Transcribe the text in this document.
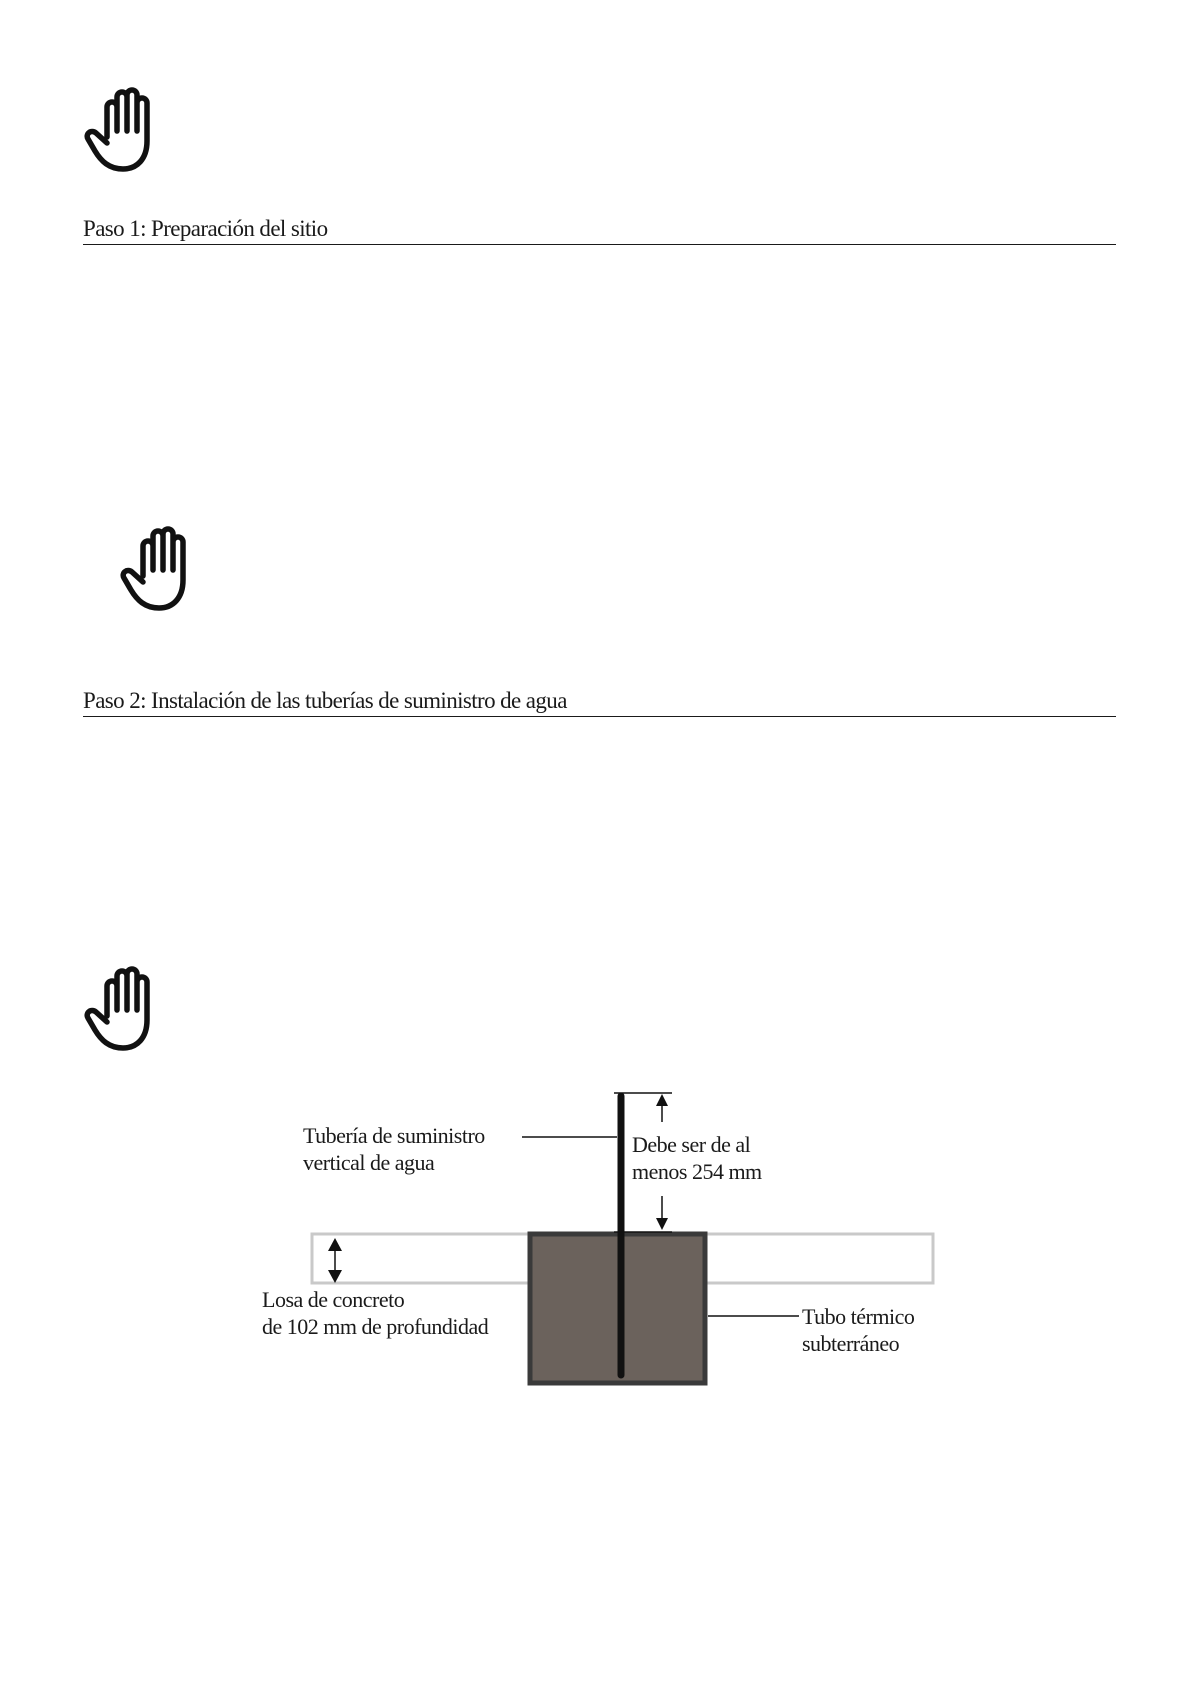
Paso 1: Preparación del sitio
Paso 2: Instalación de las tuberías de suministro de agua
Tubería de suministro
vertical de agua
Debe ser de al
menos 254 mm
Losa de concreto
de 102 mm de profundidad	Tubo térmico
subterráneo
